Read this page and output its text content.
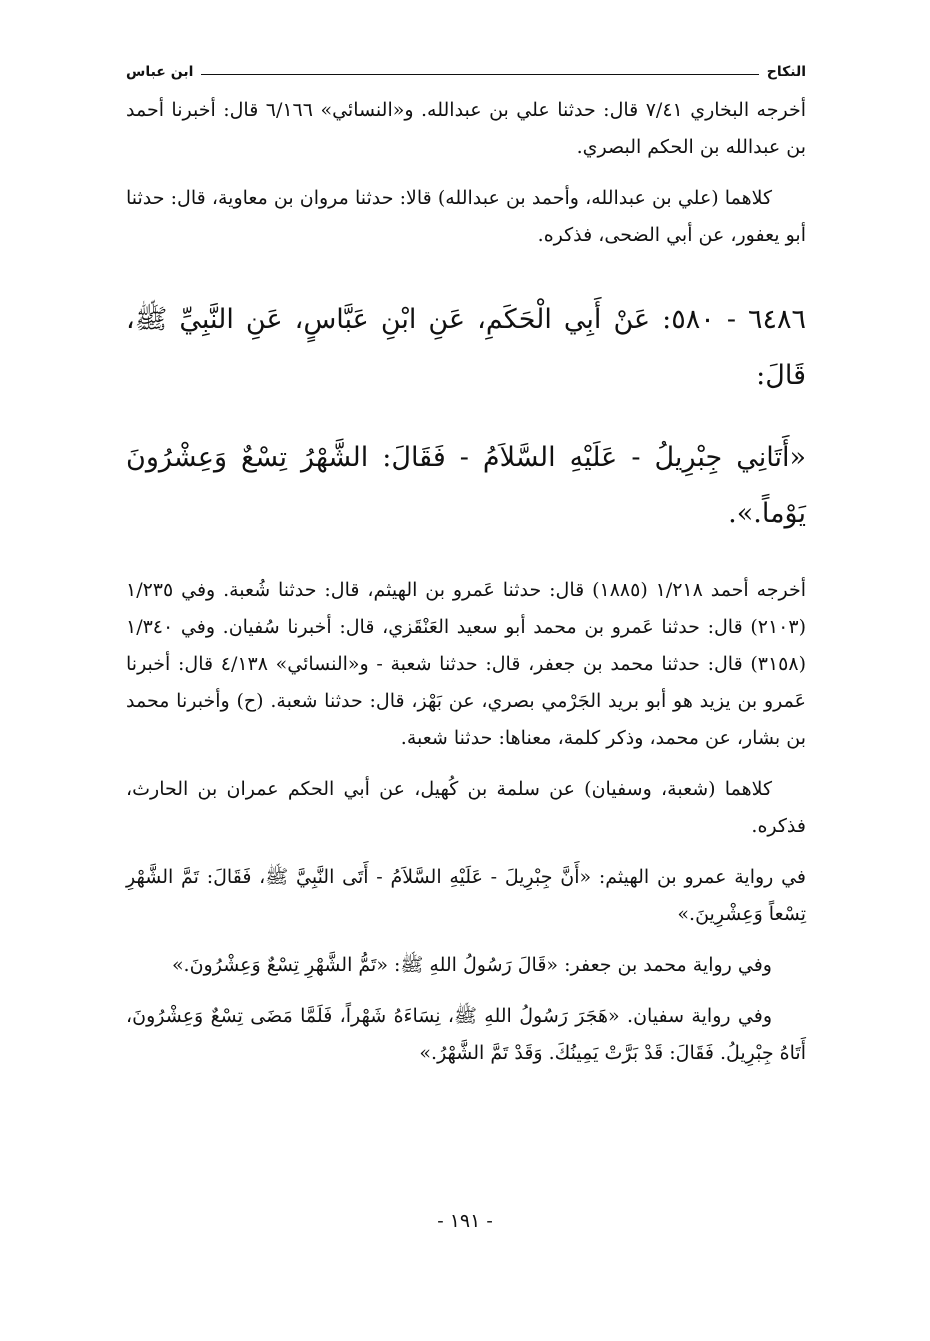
النكاح
ابن عباس

أخرجه البخاري ٧/٤١ قال: حدثنا علي بن عبدالله. و«النسائي» ٦/١٦٦ قال: أخبرنا أحمد بن عبدالله بن الحكم البصري.

كلاهما (علي بن عبدالله، وأحمد بن عبدالله) قالا: حدثنا مروان بن معاوية، قال: حدثنا أبو يعفور، عن أبي الضحى، فذكره.

٦٤٨٦ - ٥٨٠: عَنْ أَبِي الْحَكَمِ، عَنِ ابْنِ عَبَّاسٍ، عَنِ النَّبِيِّ ﷺ، قَالَ:

«أَتَانِي جِبْرِيلُ - عَلَيْهِ السَّلاَمُ - فَقَالَ: الشَّهْرُ تِسْعٌ وَعِشْرُونَ يَوْماً.».

أخرجه أحمد ١/٢١٨ (١٨٨٥) قال: حدثنا عَمرو بن الهيثم، قال: حدثنا شُعبة. وفي ١/٢٣٥ (٢١٠٣) قال: حدثنا عَمرو بن محمد أبو سعيد العَنْقَزي، قال: أخبرنا سُفيان. وفي ١/٣٤٠ (٣١٥٨) قال: حدثنا محمد بن جعفر، قال: حدثنا شعبة - و«النسائي» ٤/١٣٨ قال: أخبرنا عَمرو بن يزيد هو أبو بريد الجَرْمي بصري، عن بَهْز، قال: حدثنا شعبة. (ح) وأخبرنا محمد بن بشار، عن محمد، وذكر كلمة، معناها: حدثنا شعبة.

كلاهما (شعبة، وسفيان) عن سلمة بن كُهيل، عن أبي الحكم عمران بن الحارث، فذكره.

في رواية عمرو بن الهيثم: «أَنَّ جِبْرِيلَ - عَلَيْهِ السَّلاَمُ - أَتَى النَّبِيَّ ﷺ، فَقَالَ: تَمَّ الشَّهْرِ تِسْعاً وَعِشْرِينَ.»

وفي رواية محمد بن جعفر: «قَالَ رَسُولُ اللهِ ﷺ: «تَمُّ الشَّهْرِ تِسْعٌ وَعِشْرُونَ.»

وفي رواية سفيان. «هَجَرَ رَسُولُ اللهِ ﷺ، نِسَاءَهُ شَهْراً، فَلَمَّا مَضَى تِسْعٌ وَعِشْرُونَ، أَتَاهُ جِبْرِيلُ. فَقَالَ: قَدْ بَرَّتْ يَمِينُكَ. وَقَدْ تَمَّ الشَّهْرُ.»

- ١٩١ -
